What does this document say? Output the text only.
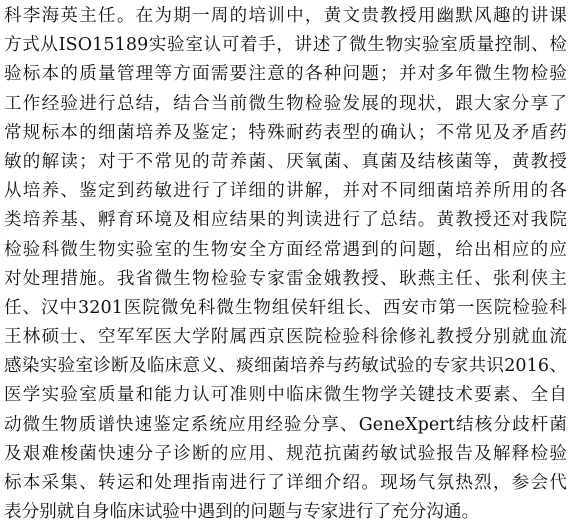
科李海英主任。在为期一周的培训中，黄文贵教授用幽默风趣的讲课
方式从ISO15189实验室认可着手，讲述了微生物实验室质量控制、检
验标本的质量管理等方面需要注意的各种问题；并对多年微生物检验
工作经验进行总结，结合当前微生物检验发展的现状，跟大家分享了
常规标本的细菌培养及鉴定；特殊耐药表型的确认；不常见及矛盾药
敏的解读；对于不常见的苛养菌、厌氧菌、真菌及结核菌等，黄教授
从培养、鉴定到药敏进行了详细的讲解，并对不同细菌培养所用的各
类培养基、孵育环境及相应结果的判读进行了总结。黄教授还对我院
检验科微生物实验室的生物安全方面经常遇到的问题，给出相应的应
对处理措施。我省微生物检验专家雷金娥教授、耿燕主任、张利侠主
任、汉中3201医院微免科微生物组侯轩组长、西安市第一医院检验科
王林硕士、空军军医大学附属西京医院检验科徐修礼教授分别就血流
感染实验室诊断及临床意义、痰细菌培养与药敏试验的专家共识2016、
医学实验室质量和能力认可准则中临床微生物学关键技术要素、全自
动微生物质谱快速鉴定系统应用经验分享、GeneXpert结核分歧杆菌
及艰难梭菌快速分子诊断的应用、规范抗菌药敏试验报告及解释检验
标本采集、转运和处理指南进行了详细介绍。现场气氛热烈，参会代
表分别就自身临床试验中遇到的问题与专家进行了充分沟通。
